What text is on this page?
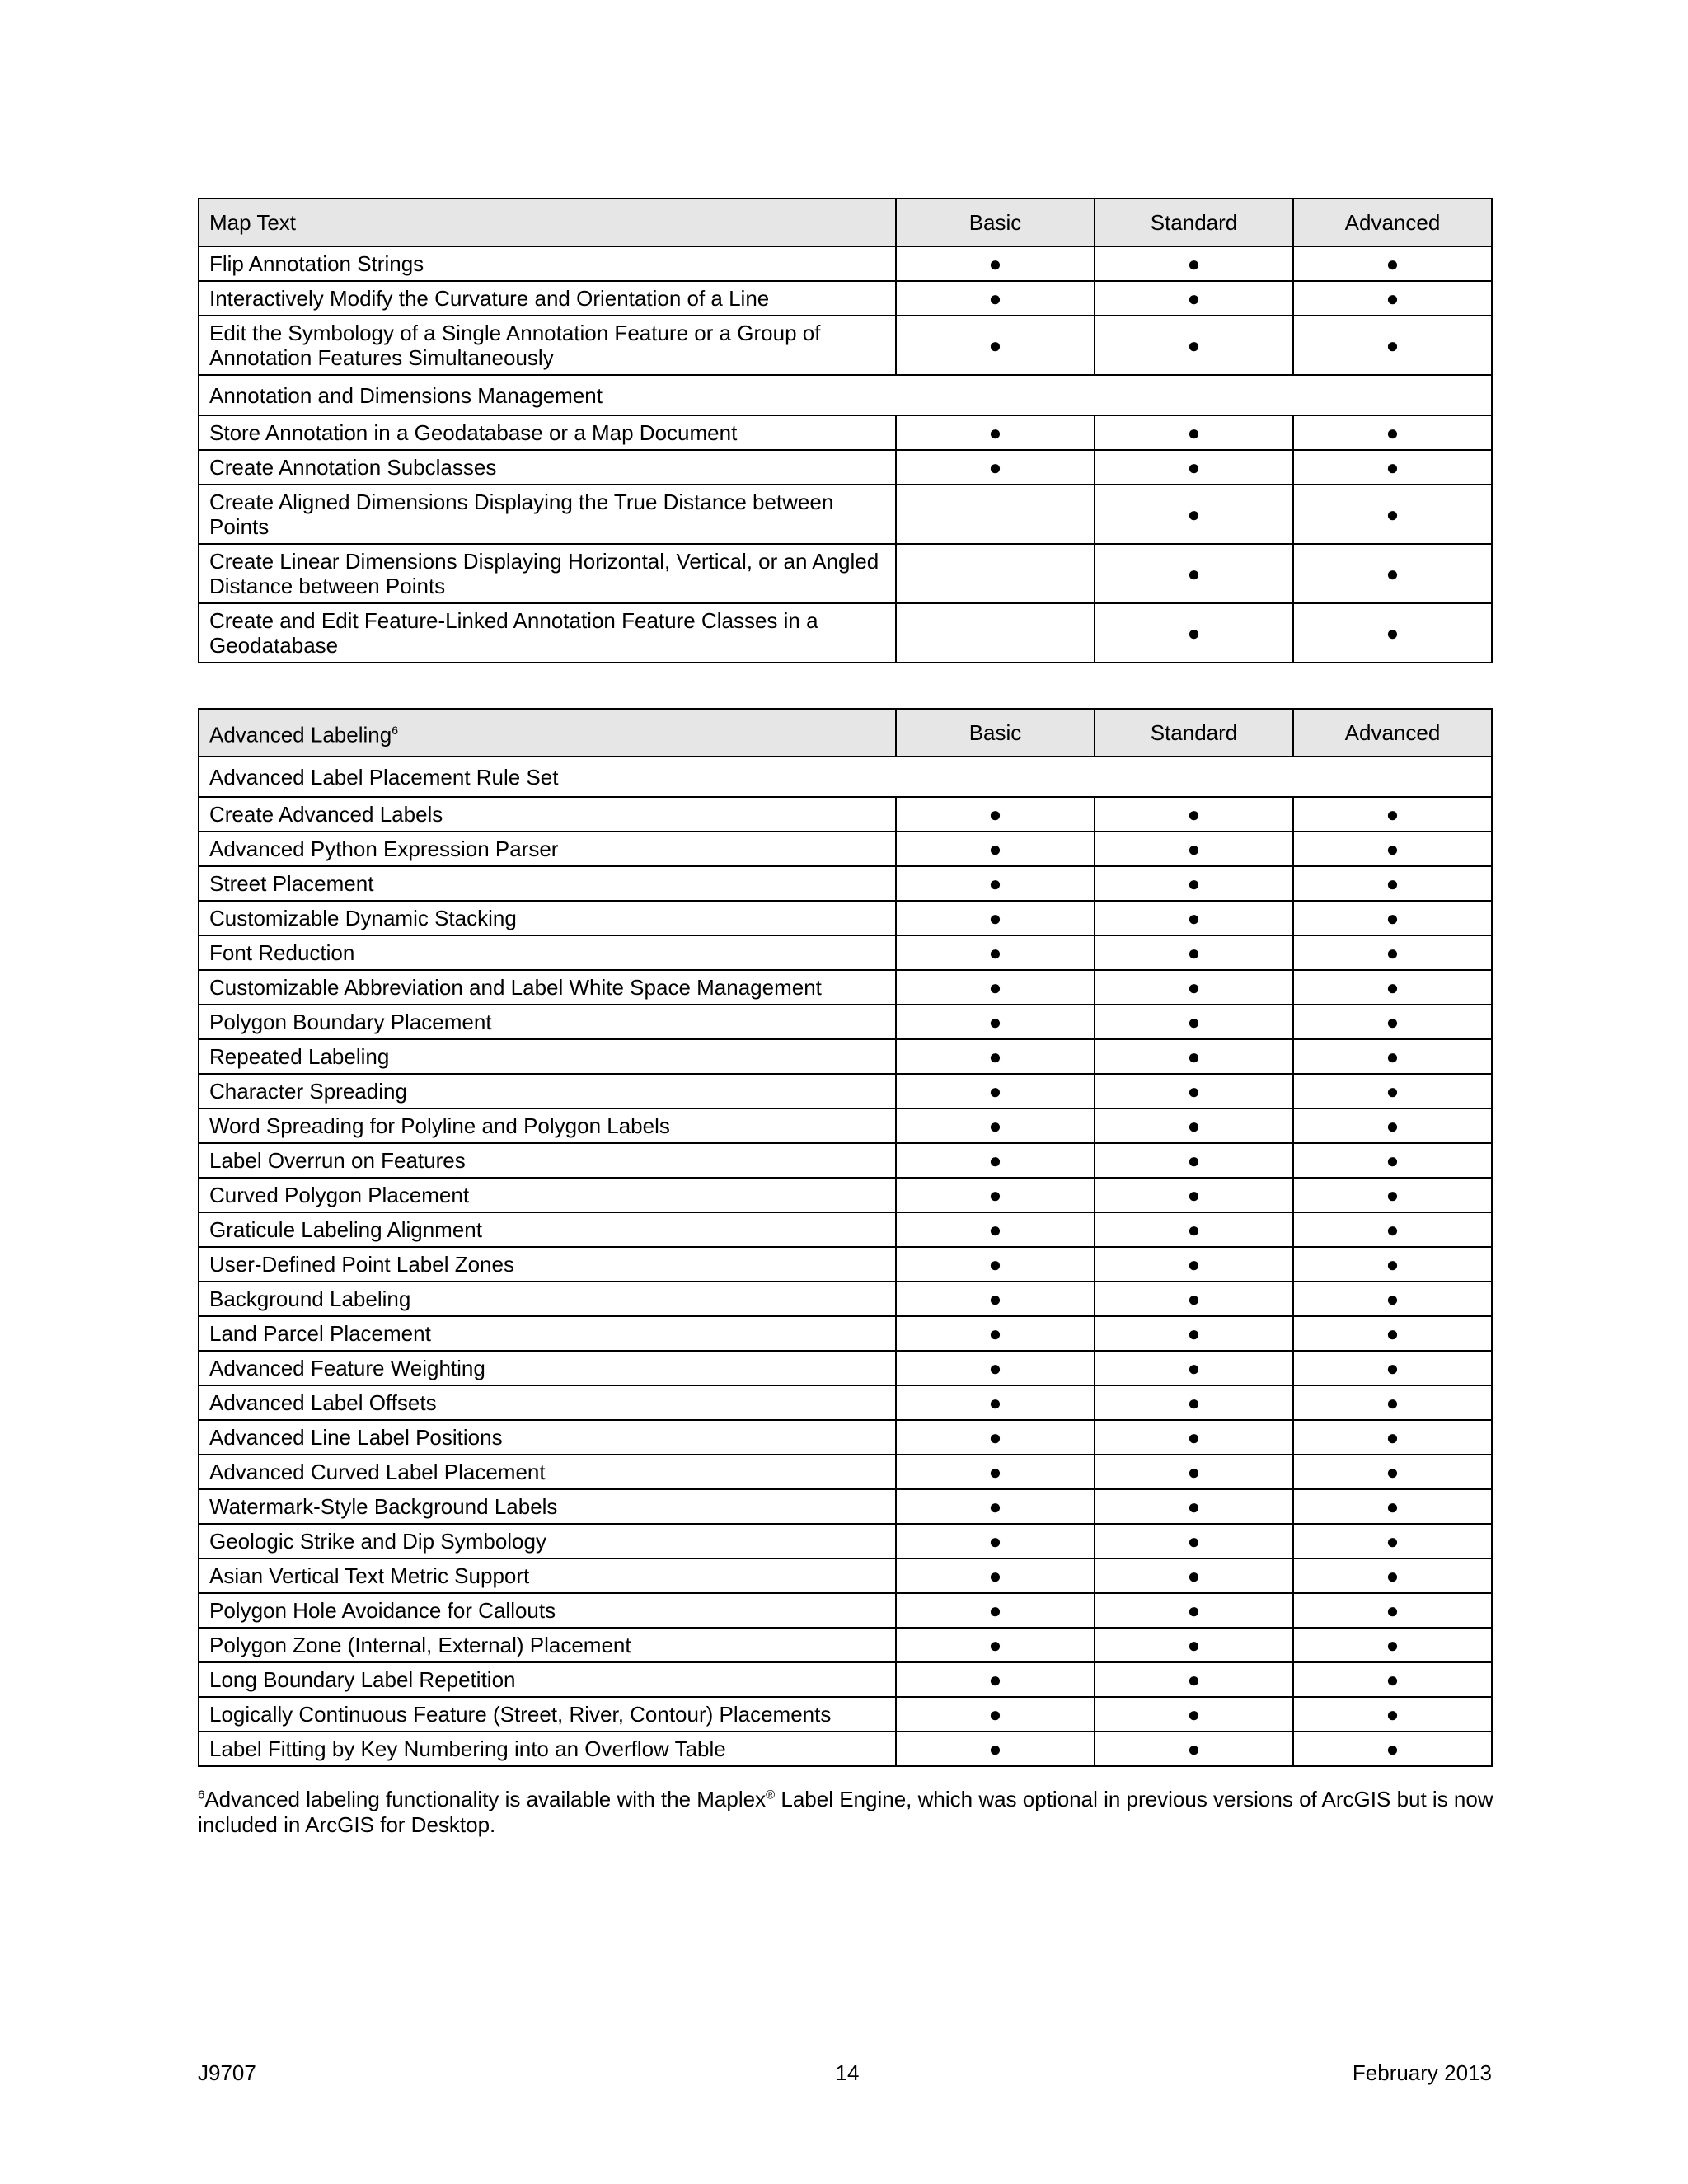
Map Text	Basic	Standard	Advanced
Flip Annotation Strings	●	●	●
Interactively Modify the Curvature and Orientation of a Line	●	●	●
Edit the Symbology of a Single Annotation Feature or a Group of Annotation Features Simultaneously	●	●	●
Annotation and Dimensions Management			
Store Annotation in a Geodatabase or a Map Document	●	●	●
Create Annotation Subclasses	●	●	●
Create Aligned Dimensions Displaying the True Distance between Points		●	●
Create Linear Dimensions Displaying Horizontal, Vertical, or an Angled Distance between Points		●	●
Create and Edit Feature-Linked Annotation Feature Classes in a Geodatabase		●	●
Advanced Labeling$^6$	Basic	Standard	Advanced
Advanced Label Placement Rule Set			
Create Advanced Labels	●	●	●
Advanced Python Expression Parser	●	●	●
Street Placement	●	●	●
Customizable Dynamic Stacking	●	●	●
Font Reduction	●	●	●
Customizable Abbreviation and Label White Space Management	●	●	●
Polygon Boundary Placement	●	●	●
Repeated Labeling	●	●	●
Character Spreading	●	●	●
Word Spreading for Polyline and Polygon Labels	●	●	●
Label Overrun on Features	●	●	●
Curved Polygon Placement	●	●	●
Graticule Labeling Alignment	●	●	●
User-Defined Point Label Zones	●	●	●
Background Labeling	●	●	●
Land Parcel Placement	●	●	●
Advanced Feature Weighting	●	●	●
Advanced Label Offsets	●	●	●
Advanced Line Label Positions	●	●	●
Advanced Curved Label Placement	●	●	●
Watermark-Style Background Labels	●	●	●
Geologic Strike and Dip Symbology	●	●	●
Asian Vertical Text Metric Support	●	●	●
Polygon Hole Avoidance for Callouts	●	●	●
Polygon Zone (Internal, External) Placement	●	●	●
Long Boundary Label Repetition	●	●	●
Logically Continuous Feature (Street, River, Contour) Placements	●	●	●
Label Fitting by Key Numbering into an Overflow Table	●	●	●
$^6$Advanced labeling functionality is available with the Maplex® Label Engine, which was optional in previous versions of ArcGIS but is now included in ArcGIS for Desktop.
J9707	14	February 2013
